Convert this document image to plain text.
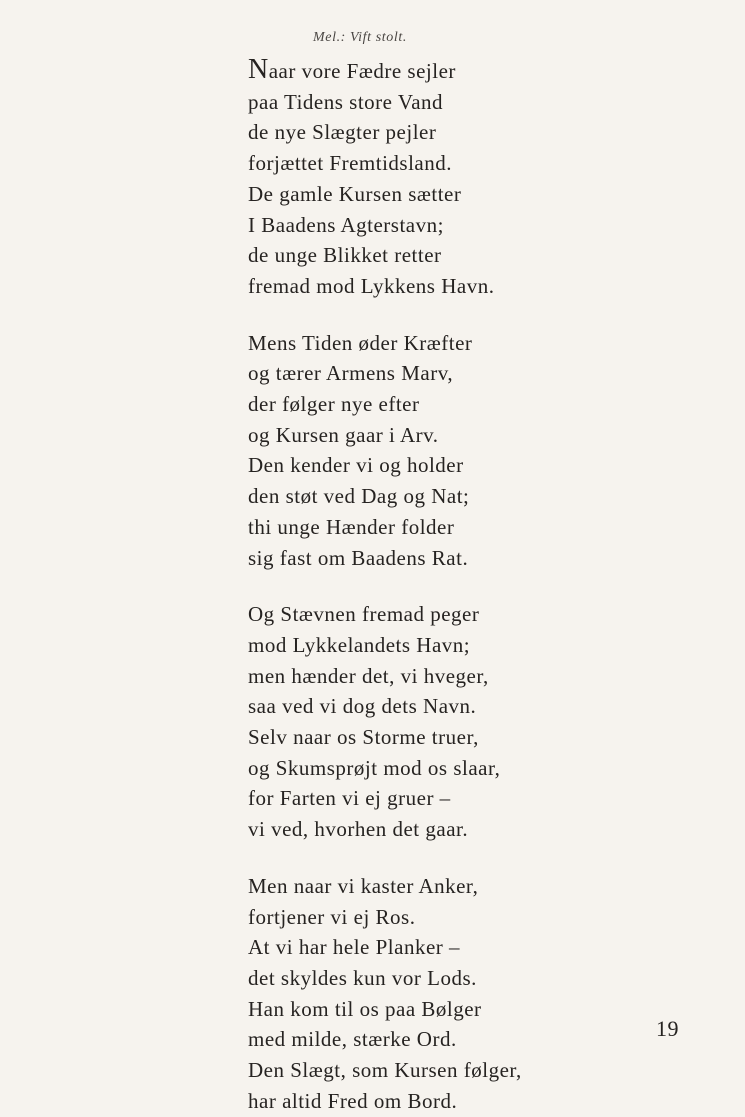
Mel.: Vift stolt.
Naar vore Fædre sejler
paa Tidens store Vand
de nye Slægter pejler
forjættet Fremtidsland.
De gamle Kursen sætter
I Baadens Agterstavn;
de unge Blikket retter
fremad mod Lykkens Havn.
Mens Tiden øder Kræfter
og tærer Armens Marv,
der følger nye efter
og Kursen gaar i Arv.
Den kender vi og holder
den støt ved Dag og Nat;
thi unge Hænder folder
sig fast om Baadens Rat.
Og Stævnen fremad peger
mod Lykkelandets Havn;
men hænder det, vi hveger,
saa ved vi dog dets Navn.
Selv naar os Storme truer,
og Skumsprøjt mod os slaar,
for Farten vi ej gruer –
vi ved, hvorhen det gaar.
Men naar vi kaster Anker,
fortjener vi ej Ros.
At vi har hele Planker –
det skyldes kun vor Lods.
Han kom til os paa Bølger
med milde, stærke Ord.
Den Slægt, som Kursen følger,
har altid Fred om Bord.
19
